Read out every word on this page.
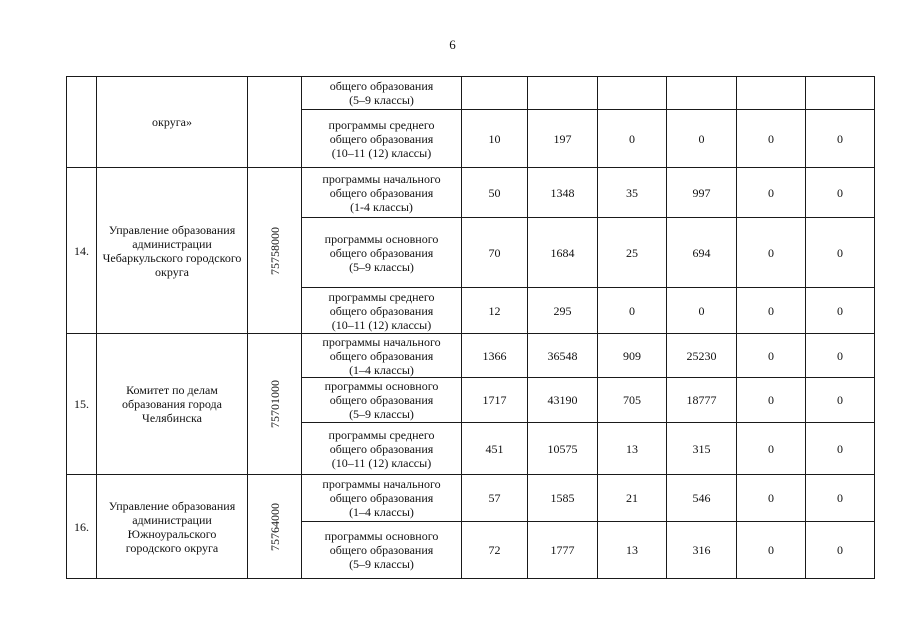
6
	округа»		общего образования
(5–9 классы)						
			программы среднего
общего образования
(10–11 (12) классы)	10	197	0	0	0	0
14.	Управление образования администрации Чебаркульского городского округа	75758000	программы начального
общего образования
(1-4 классы)	50	1348	35	997	0	0
			программы основного
общего образования
(5–9 классы)	70	1684	25	694	0	0
			программы среднего
общего образования
(10–11 (12) классы)	12	295	0	0	0	0
15.	Комитет по делам образования города Челябинска	75701000	программы начального
общего образования
(1–4 классы)	1366	36548	909	25230	0	0
			программы основного
общего образования
(5–9 классы)	1717	43190	705	18777	0	0
			программы среднего
общего образования
(10–11 (12) классы)	451	10575	13	315	0	0
16.	Управление образования администрации Южноуральского городского округа	75764000	программы начального
общего образования
(1–4 классы)	57	1585	21	546	0	0
			программы основного
общего образования
(5–9 классы)	72	1777	13	316	0	0
